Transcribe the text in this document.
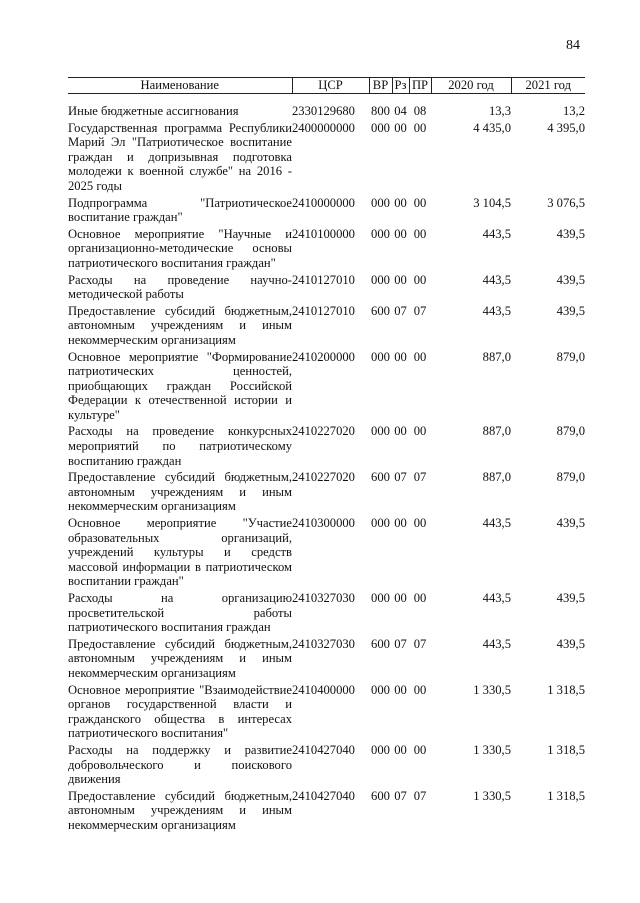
84
Наименование	ЦСР	ВР	Рз	ПР	2020 год	2021 год
Иные бюджетные ассигнования	2330129680	800	04	08	13,3	13,2
Государственная программа Республики Марий Эл "Патриотическое воспитание граждан и допризывная подготовка молодежи к военной службе" на 2016 - 2025 годы	2400000000	000	00	00	4 435,0	4 395,0
Подпрограмма "Патриотическое воспитание граждан"	2410000000	000	00	00	3 104,5	3 076,5
Основное мероприятие "Научные и организационно-методические основы патриотического воспитания граждан"	2410100000	000	00	00	443,5	439,5
Расходы на проведение научно-методической работы	2410127010	000	00	00	443,5	439,5
Предоставление субсидий бюджетным, автономным учреждениям и иным некоммерческим организациям	2410127010	600	07	07	443,5	439,5
Основное мероприятие "Формирование патриотических ценностей, приобщающих граждан Российской Федерации к отечественной истории и культуре"	2410200000	000	00	00	887,0	879,0
Расходы на проведение конкурсных мероприятий по патриотическому воспитанию граждан	2410227020	000	00	00	887,0	879,0
Предоставление субсидий бюджетным, автономным учреждениям и иным некоммерческим организациям	2410227020	600	07	07	887,0	879,0
Основное мероприятие "Участие образовательных организаций, учреждений культуры и средств массовой информации в патриотическом воспитании граждан"	2410300000	000	00	00	443,5	439,5
Расходы на организацию просветительской работы патриотического воспитания граждан	2410327030	000	00	00	443,5	439,5
Предоставление субсидий бюджетным, автономным учреждениям и иным некоммерческим организациям	2410327030	600	07	07	443,5	439,5
Основное мероприятие "Взаимодействие органов государственной власти и гражданского общества в интересах патриотического воспитания"	2410400000	000	00	00	1 330,5	1 318,5
Расходы на поддержку и развитие добровольческого и поискового движения	2410427040	000	00	00	1 330,5	1 318,5
Предоставление субсидий бюджетным, автономным учреждениям и иным некоммерческим организациям	2410427040	600	07	07	1 330,5	1 318,5
